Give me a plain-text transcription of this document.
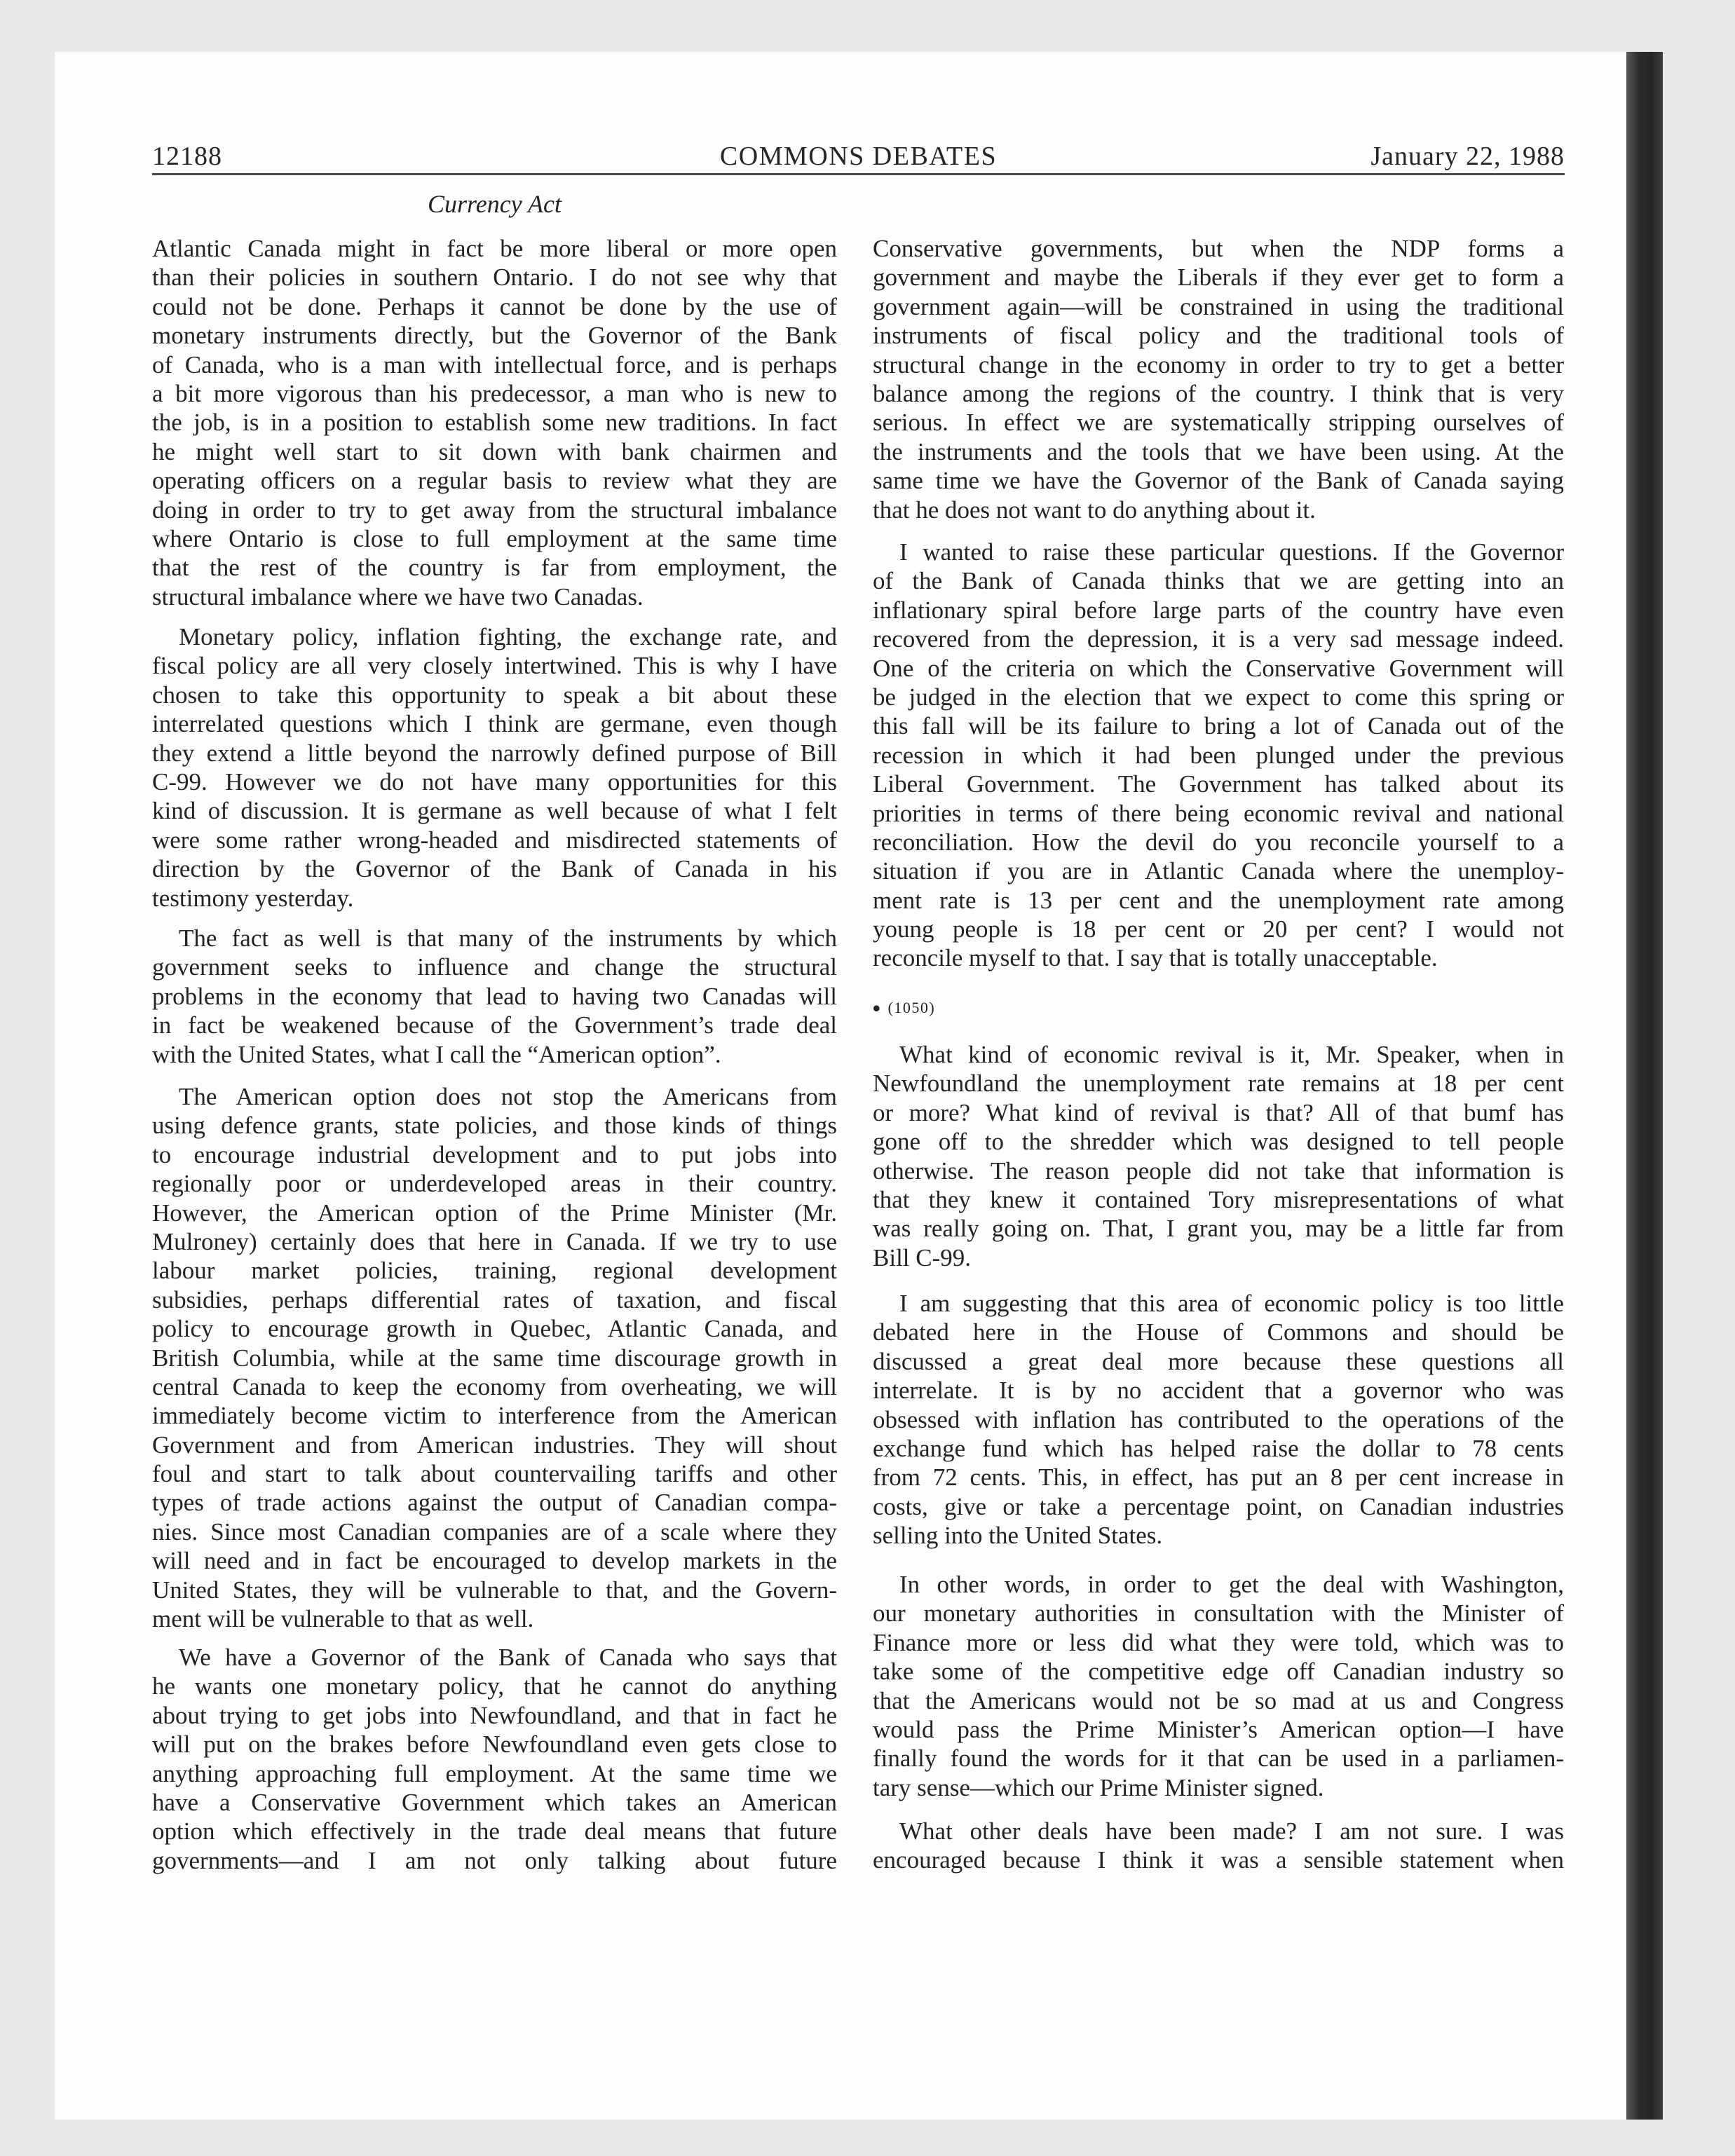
12188	COMMONS DEBATES	January 22, 1988
Currency Act
Atlantic Canada might in fact be more liberal or more open
than their policies in southern Ontario. I do not see why that
could not be done. Perhaps it cannot be done by the use of
monetary instruments directly, but the Governor of the Bank
of Canada, who is a man with intellectual force, and is perhaps
a bit more vigorous than his predecessor, a man who is new to
the job, is in a position to establish some new traditions. In fact
he might well start to sit down with bank chairmen and
operating officers on a regular basis to review what they are
doing in order to try to get away from the structural imbalance
where Ontario is close to full employment at the same time
that the rest of the country is far from employment, the
structural imbalance where we have two Canadas.
Monetary policy, inflation fighting, the exchange rate, and
fiscal policy are all very closely intertwined. This is why I have
chosen to take this opportunity to speak a bit about these
interrelated questions which I think are germane, even though
they extend a little beyond the narrowly defined purpose of Bill
C-99. However we do not have many opportunities for this
kind of discussion. It is germane as well because of what I felt
were some rather wrong-headed and misdirected statements of
direction by the Governor of the Bank of Canada in his
testimony yesterday.
The fact as well is that many of the instruments by which
government seeks to influence and change the structural
problems in the economy that lead to having two Canadas will
in fact be weakened because of the Government’s trade deal
with the United States, what I call the “American option”.
The American option does not stop the Americans from
using defence grants, state policies, and those kinds of things
to encourage industrial development and to put jobs into
regionally poor or underdeveloped areas in their country.
However, the American option of the Prime Minister (Mr.
Mulroney) certainly does that here in Canada. If we try to use
labour market policies, training, regional development
subsidies, perhaps differential rates of taxation, and fiscal
policy to encourage growth in Quebec, Atlantic Canada, and
British Columbia, while at the same time discourage growth in
central Canada to keep the economy from overheating, we will
immediately become victim to interference from the American
Government and from American industries. They will shout
foul and start to talk about countervailing tariffs and other
types of trade actions against the output of Canadian compa-
nies. Since most Canadian companies are of a scale where they
will need and in fact be encouraged to develop markets in the
United States, they will be vulnerable to that, and the Govern-
ment will be vulnerable to that as well.
We have a Governor of the Bank of Canada who says that
he wants one monetary policy, that he cannot do anything
about trying to get jobs into Newfoundland, and that in fact he
will put on the brakes before Newfoundland even gets close to
anything approaching full employment. At the same time we
have a Conservative Government which takes an American
option which effectively in the trade deal means that future
governments—and I am not only talking about future
Conservative governments, but when the NDP forms a
government and maybe the Liberals if they ever get to form a
government again—will be constrained in using the traditional
instruments of fiscal policy and the traditional tools of
structural change in the economy in order to try to get a better
balance among the regions of the country. I think that is very
serious. In effect we are systematically stripping ourselves of
the instruments and the tools that we have been using. At the
same time we have the Governor of the Bank of Canada saying
that he does not want to do anything about it.
I wanted to raise these particular questions. If the Governor
of the Bank of Canada thinks that we are getting into an
inflationary spiral before large parts of the country have even
recovered from the depression, it is a very sad message indeed.
One of the criteria on which the Conservative Government will
be judged in the election that we expect to come this spring or
this fall will be its failure to bring a lot of Canada out of the
recession in which it had been plunged under the previous
Liberal Government. The Government has talked about its
priorities in terms of there being economic revival and national
reconciliation. How the devil do you reconcile yourself to a
situation if you are in Atlantic Canada where the unemploy-
ment rate is 13 per cent and the unemployment rate among
young people is 18 per cent or 20 per cent? I would not
reconcile myself to that. I say that is totally unacceptable.
What kind of economic revival is it, Mr. Speaker, when in
Newfoundland the unemployment rate remains at 18 per cent
or more? What kind of revival is that? All of that bumf has
gone off to the shredder which was designed to tell people
otherwise. The reason people did not take that information is
that they knew it contained Tory misrepresentations of what
was really going on. That, I grant you, may be a little far from
Bill C-99.
I am suggesting that this area of economic policy is too little
debated here in the House of Commons and should be
discussed a great deal more because these questions all
interrelate. It is by no accident that a governor who was
obsessed with inflation has contributed to the operations of the
exchange fund which has helped raise the dollar to 78 cents
from 72 cents. This, in effect, has put an 8 per cent increase in
costs, give or take a percentage point, on Canadian industries
selling into the United States.
In other words, in order to get the deal with Washington,
our monetary authorities in consultation with the Minister of
Finance more or less did what they were told, which was to
take some of the competitive edge off Canadian industry so
that the Americans would not be so mad at us and Congress
would pass the Prime Minister’s American option—I have
finally found the words for it that can be used in a parliamen-
tary sense—which our Prime Minister signed.
What other deals have been made? I am not sure. I was
encouraged because I think it was a sensible statement when
• (1050)
